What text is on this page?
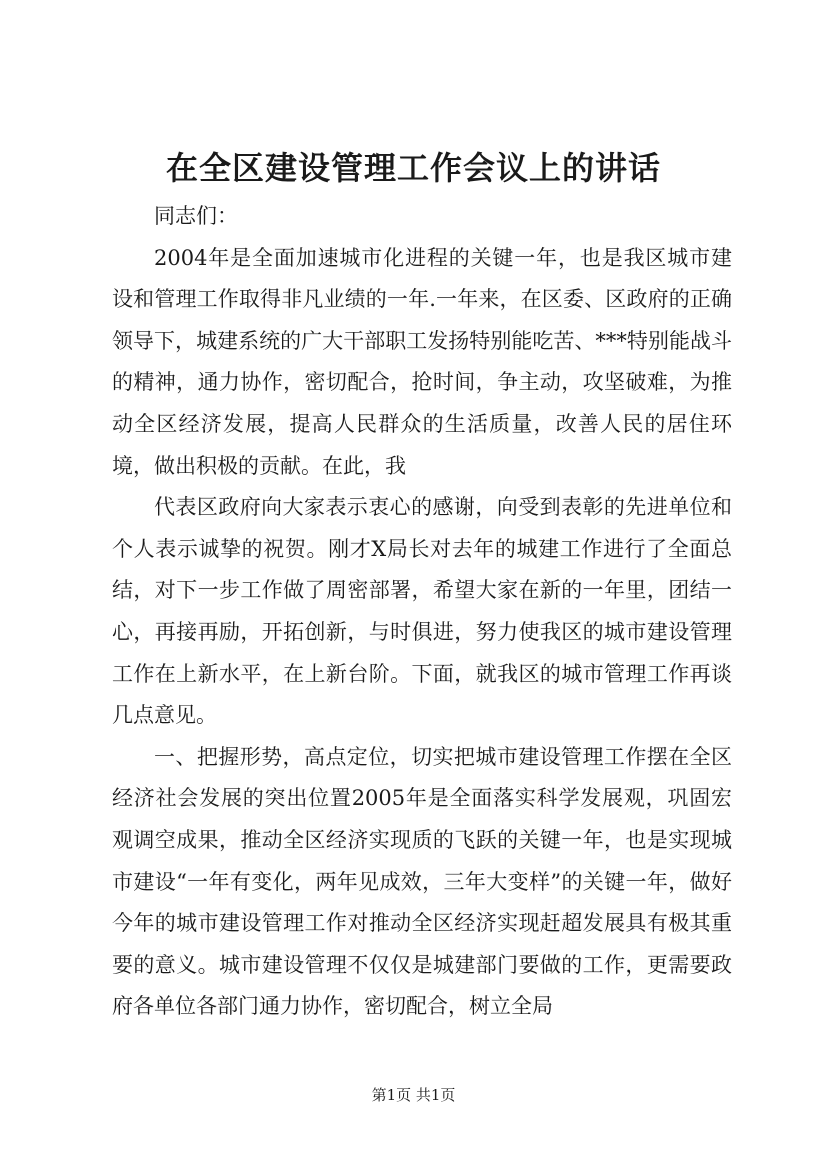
在全区建设管理工作会议上的讲话

同志们：

2004年是全面加速城市化进程的关键一年，也是我区城市建设和管理工作取得非凡业绩的一年.一年来，在区委、区政府的正确领导下，城建系统的广大干部职工发扬特别能吃苦、***特别能战斗的精神，通力协作，密切配合，抢时间，争主动，攻坚破难，为推动全区经济发展，提高人民群众的生活质量，改善人民的居住环境，做出积极的贡献。在此，我

代表区政府向大家表示衷心的感谢，向受到表彰的先进单位和个人表示诚挚的祝贺。刚才X局长对去年的城建工作进行了全面总结，对下一步工作做了周密部署，希望大家在新的一年里，团结一心，再接再励，开拓创新，与时俱进，努力使我区的城市建设管理工作在上新水平，在上新台阶。下面，就我区的城市管理工作再谈几点意见。

一、把握形势，高点定位，切实把城市建设管理工作摆在全区经济社会发展的突出位置2005年是全面落实科学发展观，巩固宏观调空成果，推动全区经济实现质的飞跃的关键一年，也是实现城市建设“一年有变化，两年见成效，三年大变样”的关键一年，做好今年的城市建设管理工作对推动全区经济实现赶超发展具有极其重要的意义。城市建设管理不仅仅是城建部门要做的工作，更需要政府各单位各部门通力协作，密切配合，树立全局

第1页 共1页
